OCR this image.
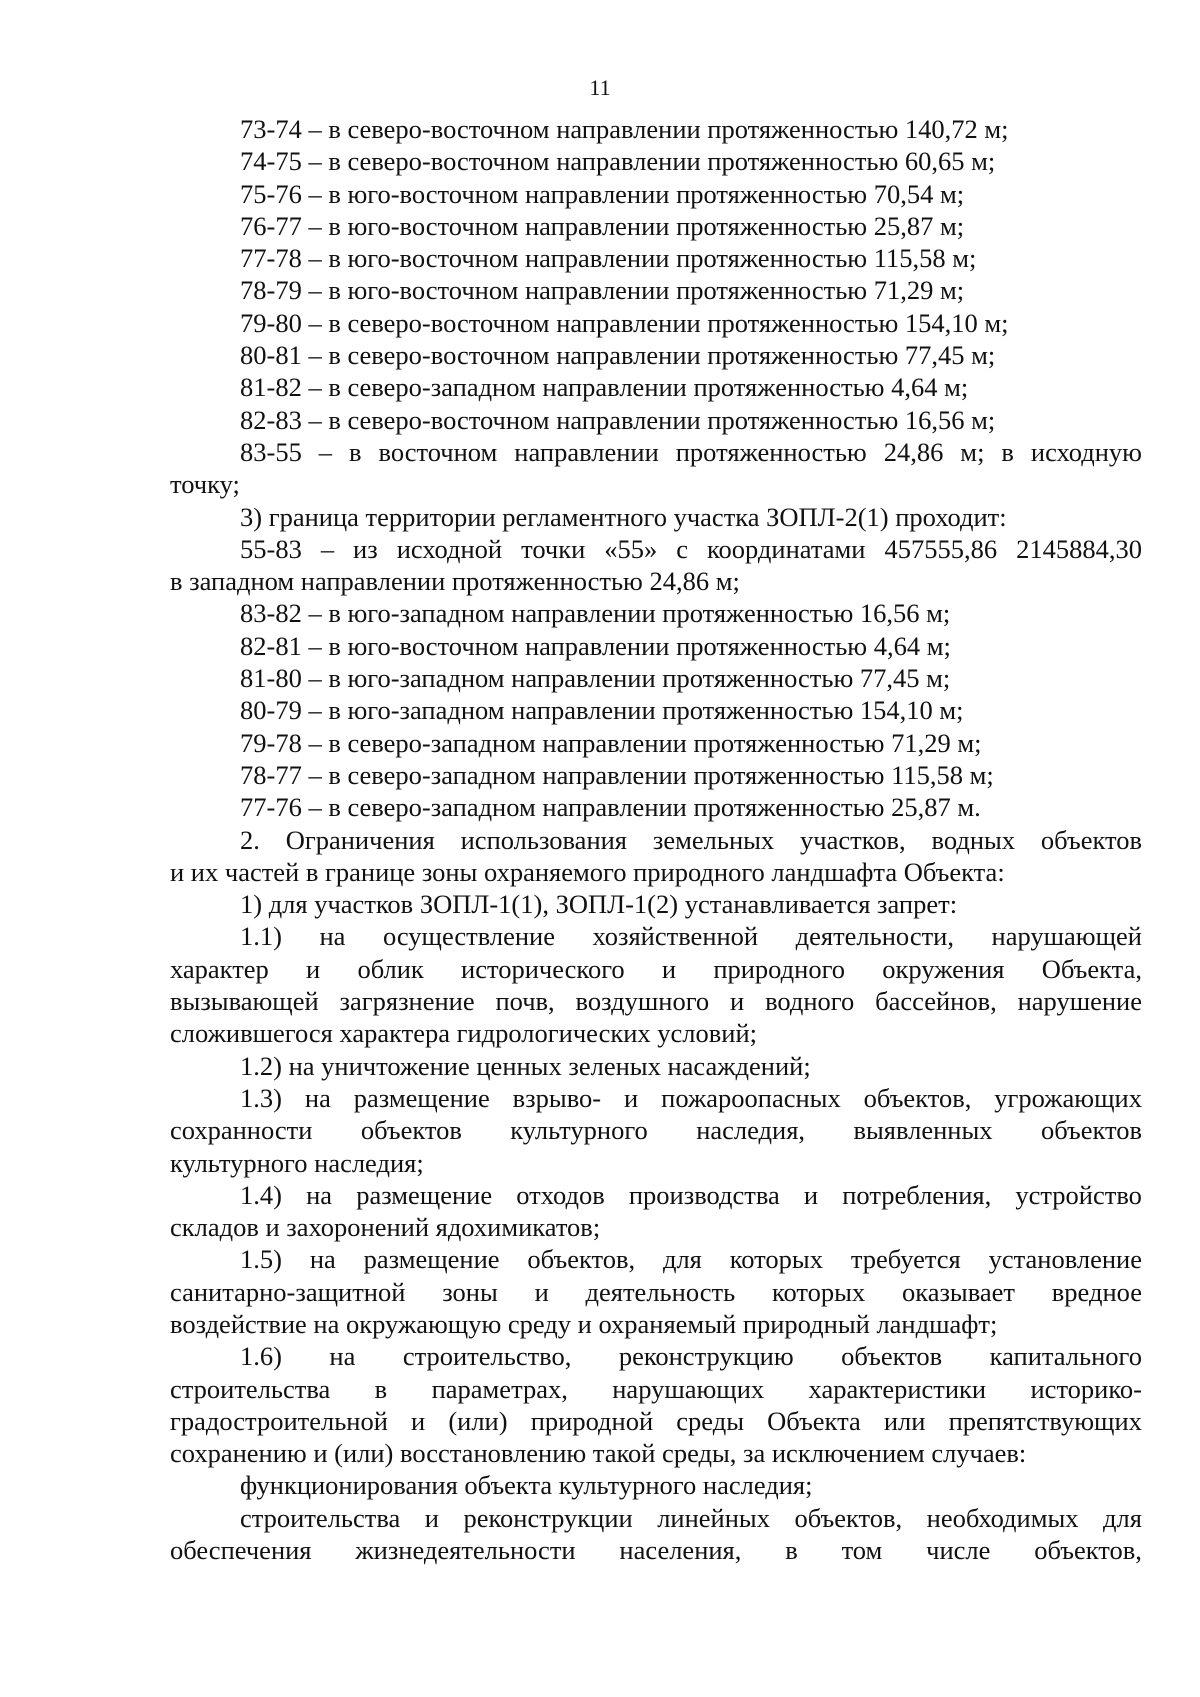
11
73-74 – в северо-восточном направлении протяженностью 140,72 м;
74-75 – в северо-восточном направлении протяженностью 60,65 м;
75-76 – в юго-восточном направлении протяженностью 70,54 м;
76-77 – в юго-восточном направлении протяженностью 25,87 м;
77-78 – в юго-восточном направлении протяженностью 115,58 м;
78-79 – в юго-восточном направлении протяженностью 71,29 м;
79-80 – в северо-восточном направлении протяженностью 154,10 м;
80-81 – в северо-восточном направлении протяженностью 77,45 м;
81-82 – в северо-западном направлении протяженностью 4,64 м;
82-83 – в северо-восточном направлении протяженностью 16,56 м;
83-55 – в восточном направлении протяженностью 24,86 м; в исходную
точку;
3) граница территории регламентного участка ЗОПЛ-2(1) проходит:
55-83 – из исходной точки «55» с координатами 457555,86 2145884,30
в западном направлении протяженностью 24,86 м;
83-82 – в юго-западном направлении протяженностью 16,56 м;
82-81 – в юго-восточном направлении протяженностью 4,64 м;
81-80 – в юго-западном направлении протяженностью 77,45 м;
80-79 – в юго-западном направлении протяженностью 154,10 м;
79-78 – в северо-западном направлении протяженностью 71,29 м;
78-77 – в северо-западном направлении протяженностью 115,58 м;
77-76 – в северо-западном направлении протяженностью 25,87 м.
2. Ограничения использования земельных участков, водных объектов
и их частей в границе зоны охраняемого природного ландшафта Объекта:
1) для участков ЗОПЛ-1(1), ЗОПЛ-1(2) устанавливается запрет:
1.1) на осуществление хозяйственной деятельности, нарушающей
характер и облик исторического и природного окружения Объекта,
вызывающей загрязнение почв, воздушного и водного бассейнов, нарушение
сложившегося характера гидрологических условий;
1.2) на уничтожение ценных зеленых насаждений;
1.3) на размещение взрыво- и пожароопасных объектов, угрожающих
сохранности объектов культурного наследия, выявленных объектов
культурного наследия;
1.4) на размещение отходов производства и потребления, устройство
складов и захоронений ядохимикатов;
1.5) на размещение объектов, для которых требуется установление
санитарно-защитной зоны и деятельность которых оказывает вредное
воздействие на окружающую среду и охраняемый природный ландшафт;
1.6) на строительство, реконструкцию объектов капитального
строительства в параметрах, нарушающих характеристики историко-
градостроительной и (или) природной среды Объекта или препятствующих
сохранению и (или) восстановлению такой среды, за исключением случаев:
функционирования объекта культурного наследия;
строительства и реконструкции линейных объектов, необходимых для
обеспечения жизнедеятельности населения, в том числе объектов,
